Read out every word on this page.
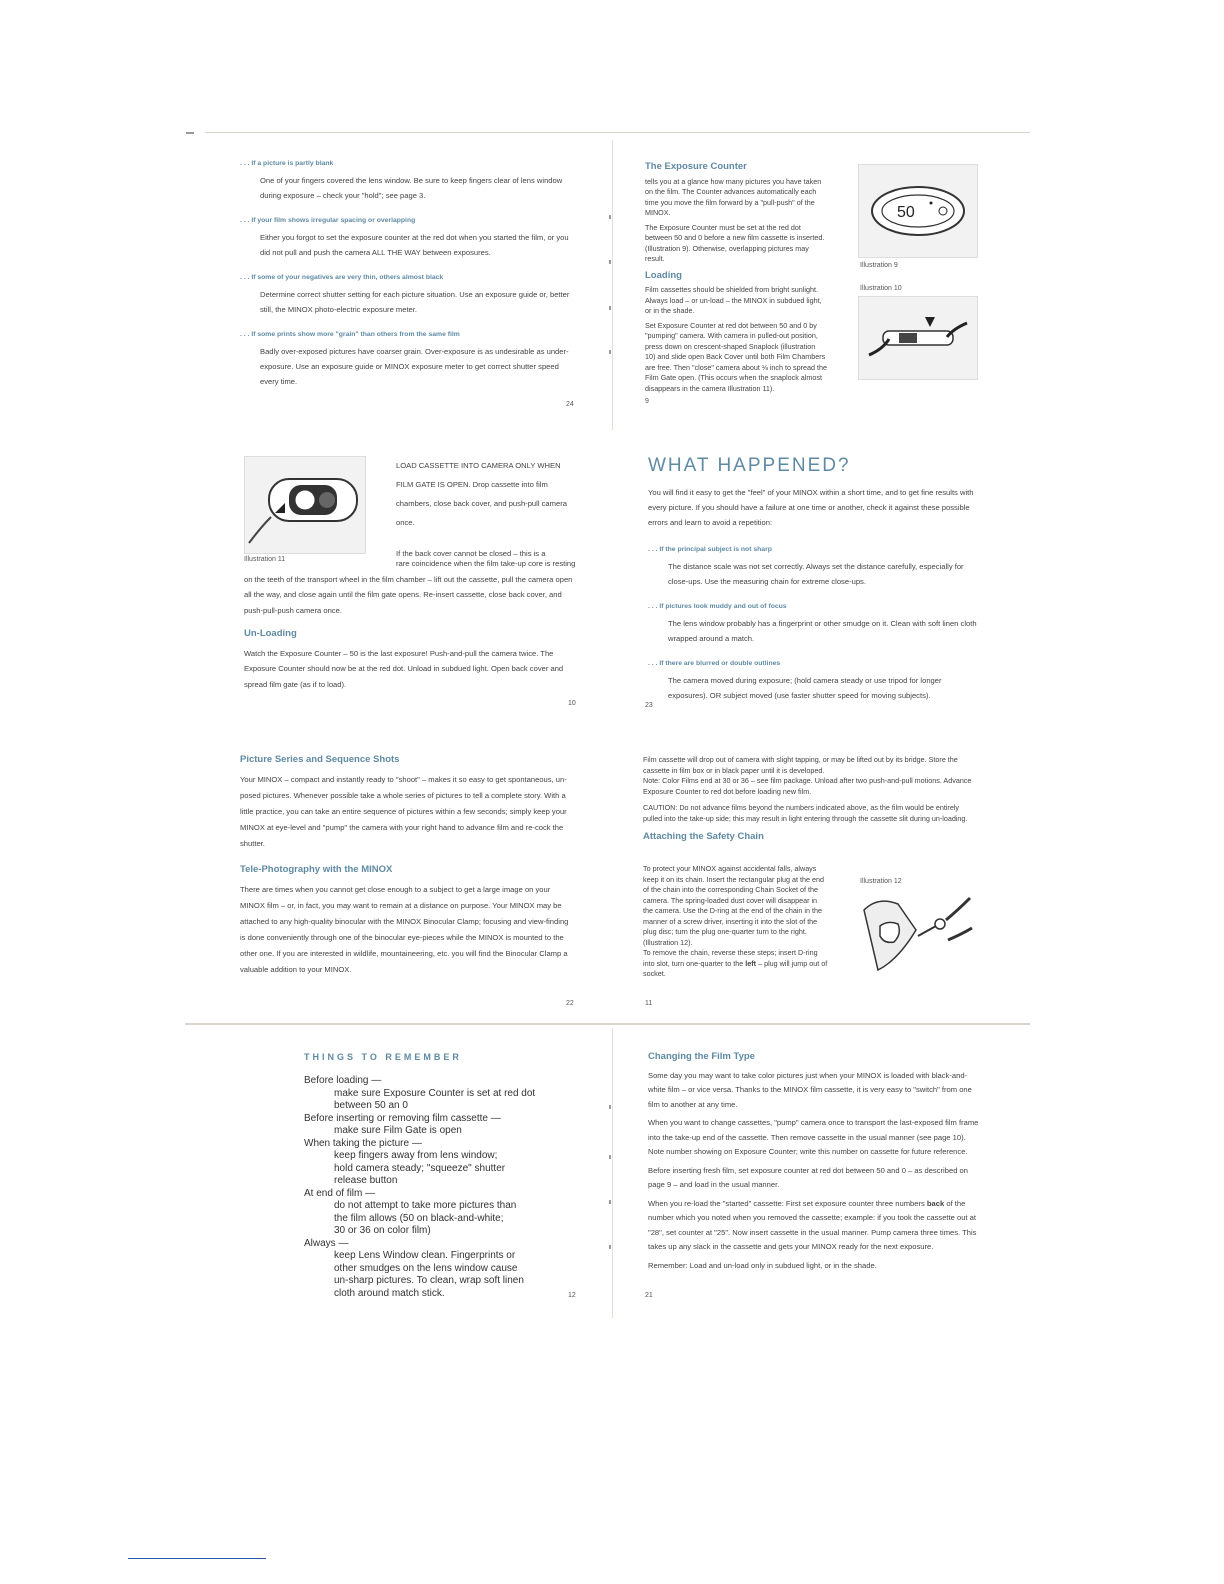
. . . If a picture is partly blank
One of your fingers covered the lens window. Be sure to keep fingers clear of lens window during exposure – check your "hold"; see page 3.
. . . If your film shows irregular spacing or overlapping
Either you forgot to set the exposure counter at the red dot when you started the film, or you did not pull and push the camera ALL THE WAY between exposures.
. . . If some of your negatives are very thin, others almost black
Determine correct shutter setting for each picture situation. Use an exposure guide or, better still, the MINOX photo-electric exposure meter.
. . . If some prints show more "grain" than others from the same film
Badly over-exposed pictures have coarser grain. Over-exposure is as undesirable as under-exposure. Use an exposure guide or MINOX exposure meter to get correct shutter speed every time.
24
The Exposure Counter

tells you at a glance how many pictures you have taken on the film. The Counter advances automatically each time you move the film forward by a "pull-push" of the MINOX.

The Exposure Counter must be set at the red dot between 50 and 0 before a new film cassette is inserted. (Illustration 9). Otherwise, overlapping pictures may result.

Loading

Film cassettes should be shielded from bright sunlight. Always load – or un-load – the MINOX in subdued light, or in the shade.

Set Exposure Counter at red dot between 50 and 0 by "pumping" camera. With camera in pulled-out position, press down on crescent-shaped Snaplock (illustration 10) and slide open Back Cover until both Film Chambers are free. Then "close" camera about ⅛ inch to spread the Film Gate open. (This occurs when the snaplock almost disappears in the camera Illustration 11).

50
Illustration 9
Illustration 10
9
Illustration 11

LOAD CASSETTE INTO CAMERA ONLY WHEN FILM GATE IS OPEN. Drop cassette into film chambers, close back cover, and push-pull camera once.

If the back cover cannot be closed – this is a

rare coincidence when the film take-up core is resting on the teeth of the transport wheel in the film chamber – lift out the cassette, pull the camera open all the way, and close again until the film gate opens. Re-insert cassette, close back cover, and push-pull-push camera once.

Un-Loading

Watch the Exposure Counter – 50 is the last exposure! Push-and-pull the camera twice. The Exposure Counter should now be at the red dot. Unload in subdued light. Open back cover and spread film gate (as if to load).

10
WHAT HAPPENED?

You will find it easy to get the "feel" of your MINOX within a short time, and to get fine results with every picture. If you should have a failure at one time or another, check it against these possible errors and learn to avoid a repetition:

. . . If the principal subject is not sharp
The distance scale was not set correctly. Always set the distance carefully, especially for close-ups. Use the measuring chain for extreme close-ups.
. . . If pictures look muddy and out of focus
The lens window probably has a fingerprint or other smudge on it. Clean with soft linen cloth wrapped around a match.
. . . If there are blurred or double outlines
The camera moved during exposure; (hold camera steady or use tripod for longer exposures). OR subject moved (use faster shutter speed for moving subjects).
23
Picture Series and Sequence Shots

Your MINOX – compact and instantly ready to "shoot" – makes it so easy to get spontaneous, un-posed pictures. Whenever possible take a whole series of pictures to tell a complete story. With a little practice, you can take an entire sequence of pictures within a few seconds; simply keep your MINOX at eye-level and "pump" the camera with your right hand to advance film and re-cock the shutter.

Tele-Photography with the MINOX

There are times when you cannot get close enough to a subject to get a large image on your MINOX film – or, in fact, you may want to remain at a distance on purpose. Your MINOX may be attached to any high-quality binocular with the MINOX Binocular Clamp; focusing and view-finding is done conveniently through one of the binocular eye-pieces while the MINOX is mounted to the other one. If you are interested in wildlife, mountaineering, etc. you will find the Binocular Clamp a valuable addition to your MINOX.

22

Film cassette will drop out of camera with slight tapping, or may be lifted out by its bridge. Store the cassette in film box or in black paper until it is developed.

Note: Color Films end at 30 or 36 – see film package. Unload after two push-and-pull motions. Advance Exposure Counter to red dot before loading new film.

CAUTION: Do not advance films beyond the numbers indicated above, as the film would be entirely pulled into the take-up side; this may result in light entering through the cassette slit during un-loading.

Attaching the Safety Chain

To protect your MINOX against accidental falls, always keep it on its chain. Insert the rectangular plug at the end of the chain into the corresponding Chain Socket of the camera. The spring-loaded dust cover will disappear in the camera. Use the D-ring at the end of the chain in the manner of a screw driver, inserting it into the slot of the plug disc; turn the plug one-quarter turn to the right. (Illustration 12).

To remove the chain, reverse these steps; insert D-ring into slot, turn one-quarter to the left – plug will jump out of socket.

Illustration 12
11
THINGS TO REMEMBER
Before loading —
make sure Exposure Counter is set at red dot
between 50 an 0
Before inserting or removing film cassette —
make sure Film Gate is open
When taking the picture —
keep fingers away from lens window;
hold camera steady; "squeeze" shutter
release button
At end of film —
do not attempt to take more pictures than
the film allows (50 on black-and-white;
30 or 36 on color film)
Always —
keep Lens Window clean. Fingerprints or
other smudges on the lens window cause
un-sharp pictures. To clean, wrap soft linen
cloth around match stick.	12
Changing the Film Type

Some day you may want to take color pictures just when your MINOX is loaded with black-and-white film – or vice versa. Thanks to the MINOX film cassette, it is very easy to "switch" from one film to another at any time.

When you want to change cassettes, "pump" camera once to transport the last-exposed film frame into the take-up end of the cassette. Then remove cassette in the usual manner (see page 10). Note number showing on Exposure Counter; write this number on cassette for future reference.

Before inserting fresh film, set exposure counter at red dot between 50 and 0 – as described on page 9 – and load in the usual manner.

When you re-load the "started" cassette: First set exposure counter three numbers back of the number which you noted when you removed the cassette; example: if you took the cassette out at "28", set counter at "25". Now insert cassette in the usual manner. Pump camera three times. This takes up any slack in the cassette and gets your MINOX ready for the next exposure.

Remember: Load and un-load only in subdued light, or in the shade.

21
